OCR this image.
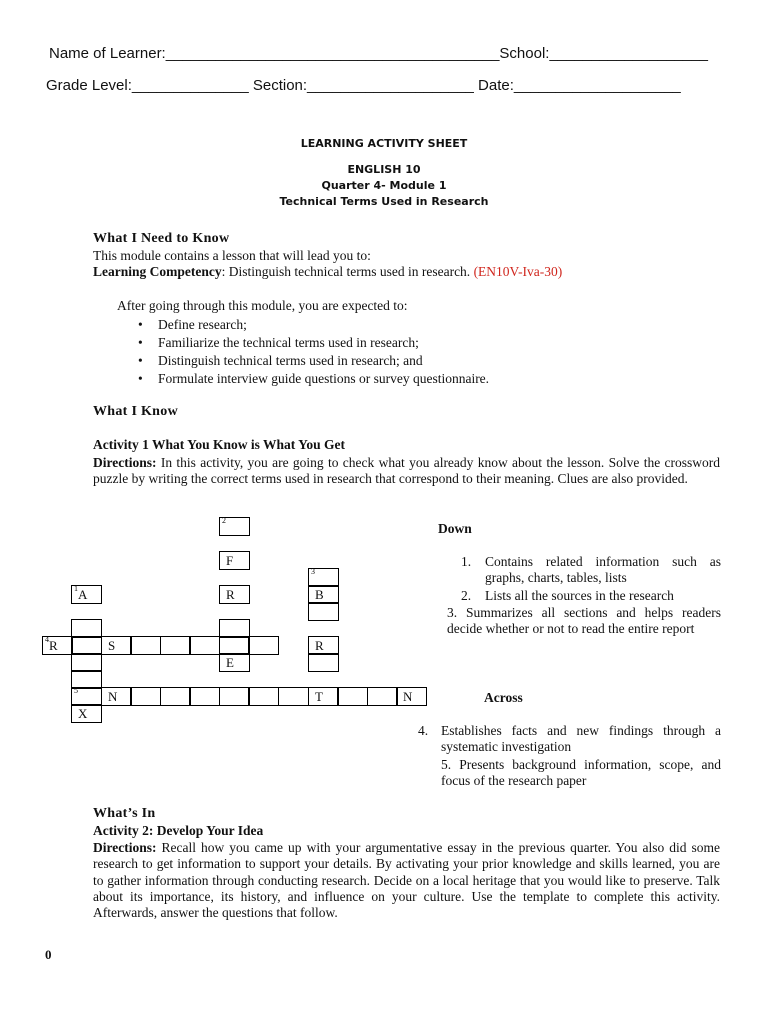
Name of Learner:________________________________________School:___________________
Grade Level:______________ Section:____________________ Date:____________________
LEARNING ACTIVITY SHEET
ENGLISH 10
Quarter 4- Module 1
Technical Terms Used in Research
What I Need to Know
This module contains a lesson that will lead you to:
Learning Competency: Distinguish technical terms used in research. (EN10V-Iva-30)
After going through this module, you are expected to:
• Define research;
• Familiarize the technical terms used in research;
• Distinguish technical terms used in research; and
• Formulate interview guide questions or survey questionnaire.
What I Know
Activity 1 What You Know is What You Get
Directions: In this activity, you are going to check what you already know about the lesson. Solve the crossword puzzle by writing the correct terms used in research that correspond to their meaning. Clues are also provided.
2
F
R
E
1 A
X
3
B
R
4 R	S
5 N	T	N
Down
1.	Contains related information such as graphs, charts, tables, lists
2.	Lists all the sources in the research
3. Summarizes all sections and helps readers decide whether or not to read the entire report
Across
4. Establishes facts and new findings through a systematic investigation
5. Presents background information, scope, and focus of the research paper
What’s In
Activity 2: Develop Your Idea
Directions: Recall how you came up with your argumentative essay in the previous quarter. You also did some research to get information to support your details. By activating your prior knowledge and skills learned, you are to gather information through conducting research. Decide on a local heritage that you would like to preserve. Talk about its importance, its history, and influence on your culture. Use the template to complete this activity. Afterwards, answer the questions that follow.
0
